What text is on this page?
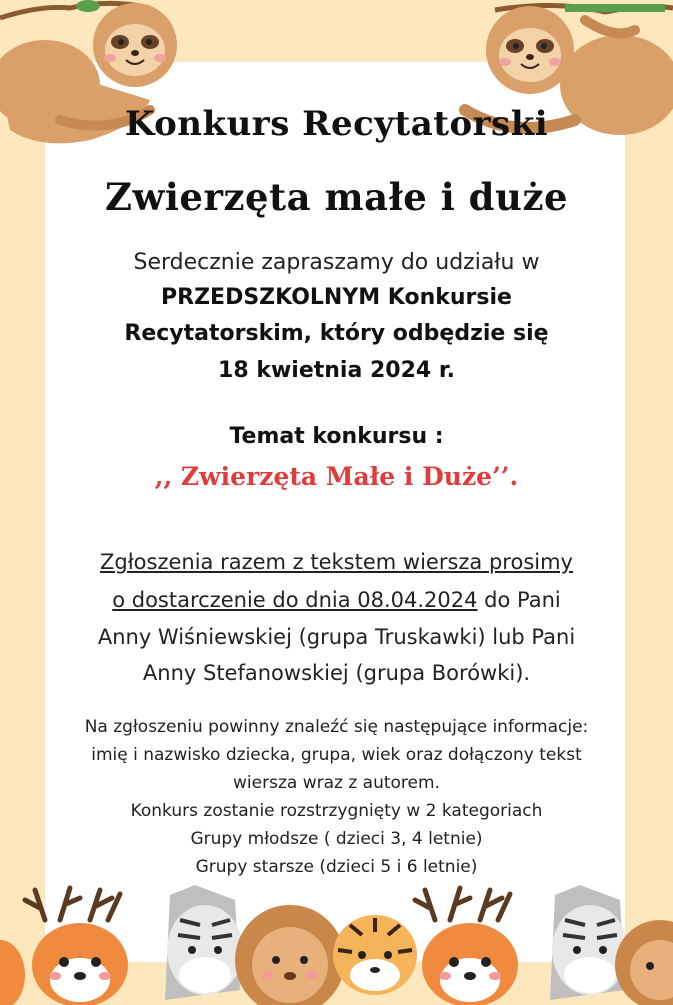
Konkurs Recytatorski
Zwierzęta małe i duże
Serdecznie zapraszamy do udziału w
PRZEDSZKOLNYM Konkursie
Recytatorskim, który odbędzie się
18 kwietnia 2024 r.
Temat konkursu :
,, Zwierzęta Małe i Duże’’.
Zgłoszenia razem z tekstem wiersza prosimy
o dostarczenie do dnia 08.04.2024 do Pani
Anny Wiśniewskiej (grupa Truskawki) lub Pani
Anny Stefanowskiej (grupa Borówki).
Na zgłoszeniu powinny znaleźć się następujące informacje:
imię i nazwisko dziecka, grupa, wiek oraz dołączony tekst
wiersza wraz z autorem.
Konkurs zostanie rozstrzygnięty w 2 kategoriach
Grupy młodsze ( dzieci 3, 4 letnie)
Grupy starsze (dzieci 5 i 6 letnie)
